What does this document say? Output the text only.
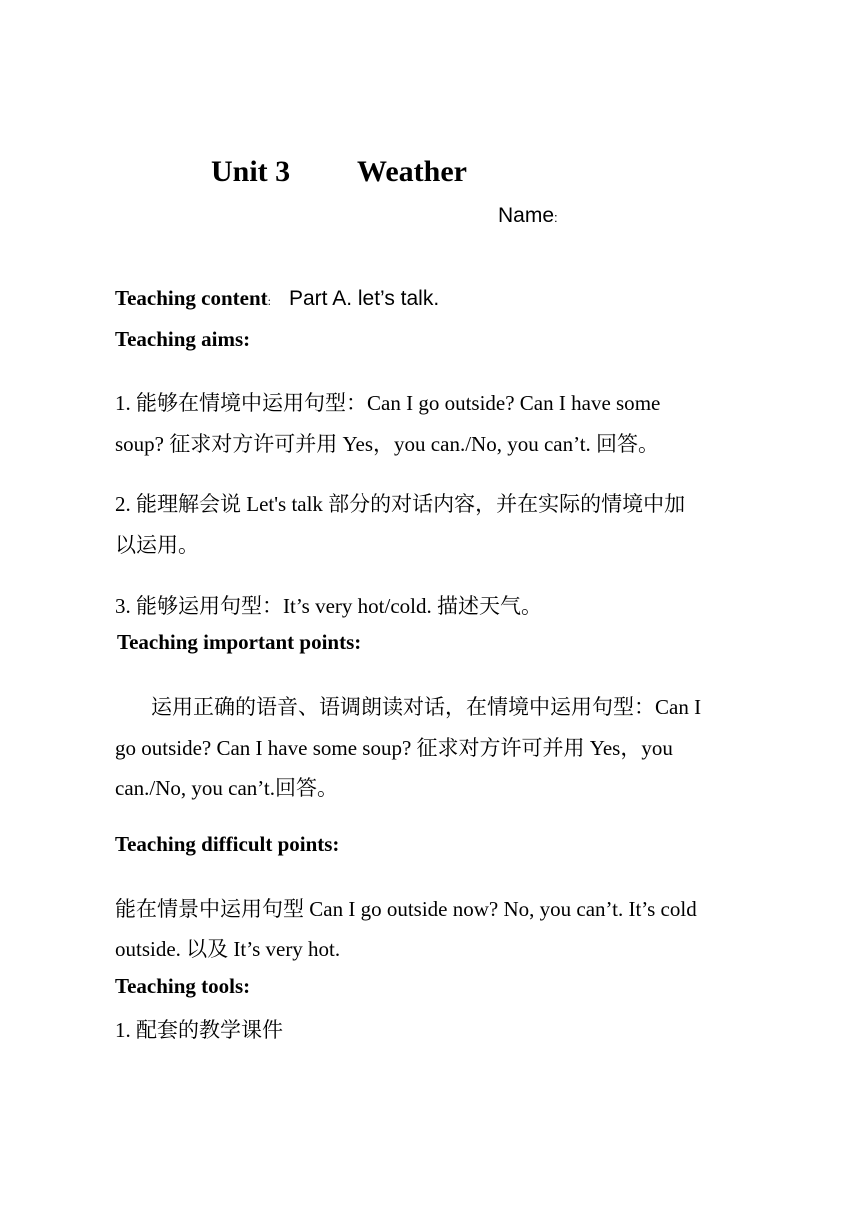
Unit 3 Weather
Name:
Teaching content: Part A. let’s talk.
Teaching aims:
1. 能够在情境中运用句型：Can I go outside? Can I have some
soup? 征求对方许可并用 Yes，you can./No, you can’t. 回答。
2. 能理解会说 Let's talk 部分的对话内容，并在实际的情境中加
以运用。
3. 能够运用句型：It’s very hot/cold. 描述天气。
Teaching important points:
运用正确的语音、语调朗读对话，在情境中运用句型：Can I
go outside? Can I have some soup? 征求对方许可并用 Yes，you
can./No, you can’t.回答。
Teaching difficult points:
能在情景中运用句型 Can I go outside now? No, you can’t. It’s cold
outside. 以及 It’s very hot.
Teaching tools:
1. 配套的教学课件
